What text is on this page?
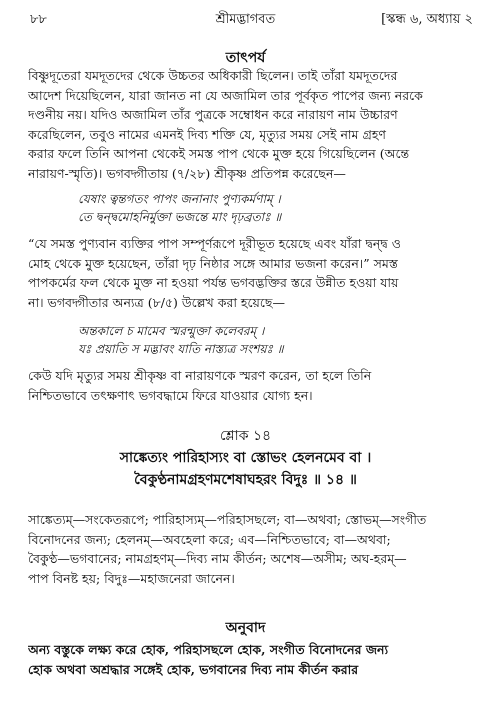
৮৮	শ্রীমদ্ভাগবত	[স্কন্ধ ৬, অধ্যায় ২
তাৎপর্য
বিষ্ণুদূতেরা যমদূতদের থেকে উচ্চতর অধিকারী ছিলেন। তাই তাঁরা যমদূতদের
আদেশ দিয়েছিলেন, যারা জানত না যে অজামিল তার পূর্বকৃত পাপের জন্য নরকে
দণ্ডনীয় নয়। যদিও অজামিল তাঁর পুত্রকে সম্বোধন করে নারায়ণ নাম উচ্চারণ
করেছিলেন, তবুও নামের এমনই দিব্য শক্তি যে, মৃত্যুর সময় সেই নাম গ্রহণ
করার ফলে তিনি আপনা থেকেই সমস্ত পাপ থেকে মুক্ত হয়ে গিয়েছিলেন (অন্তে
নারায়ণ-স্মৃতি)। ভগবদ্গীতায় (৭/২৮) শ্রীকৃষ্ণ প্রতিপন্ন করেছেন—
যেষাং ত্বন্তগতং পাপং জনানাং পুণ্যকর্মণাম্ ।
তে দ্বন্দ্বমোহনির্মুক্তা ভজন্তে মাং দৃঢ়ব্রতাঃ ॥
“যে সমস্ত পুণ্যবান ব্যক্তির পাপ সম্পূর্ণরূপে দূরীভূত হয়েছে এবং যাঁরা দ্বন্দ্ব ও
মোহ থেকে মুক্ত হয়েছেন, তাঁরা দৃঢ় নিষ্ঠার সঙ্গে আমার ভজনা করেন।” সমস্ত
পাপকর্মের ফল থেকে মুক্ত না হওয়া পর্যন্ত ভগবদ্ভক্তির স্তরে উন্নীত হওয়া যায়
না। ভগবদ্গীতার অন্যত্র (৮/৫) উল্লেখ করা হয়েছে—
অন্তকালে চ মামেব স্মরন্মুক্তা কলেবরম্ ।
যঃ প্রয়াতি স মদ্ভাবং যাতি নাস্ত্যত্র সংশয়ঃ ॥
কেউ যদি মৃত্যুর সময় শ্রীকৃষ্ণ বা নারায়ণকে স্মরণ করেন, তা হলে তিনি
নিশ্চিতভাবে তৎক্ষণাৎ ভগবদ্ধামে ফিরে যাওয়ার যোগ্য হন।
শ্লোক ১৪
সাঙ্কেত্যং পারিহাস্যং বা স্তোভং হেলনমেব বা ।
বৈকুণ্ঠনামগ্রহণমশেষাঘহরং বিদুঃ ॥ ১৪ ॥
সাঙ্কেত্যম্—সংকেতরূপে; পারিহাস্যম্—পরিহাসছলে; বা—অথবা; স্তোভম্—সংগীত
বিনোদনের জন্য; হেলনম্—অবহেলা করে; এব—নিশ্চিতভাবে; বা—অথবা;
বৈকুণ্ঠ—ভগবানের; নামগ্রহণম্—দিব্য নাম কীর্তন; অশেষ—অসীম; অঘ-হরম্—
পাপ বিনষ্ট হয়; বিদুঃ—মহাজনেরা জানেন।
অনুবাদ
অন্য বস্তুকে লক্ষ্য করে হোক, পরিহাসছলে হোক, সংগীত বিনোদনের জন্য
হোক অথবা অশ্রদ্ধার সঙ্গেই হোক, ভগবানের দিব্য নাম কীর্তন করার
